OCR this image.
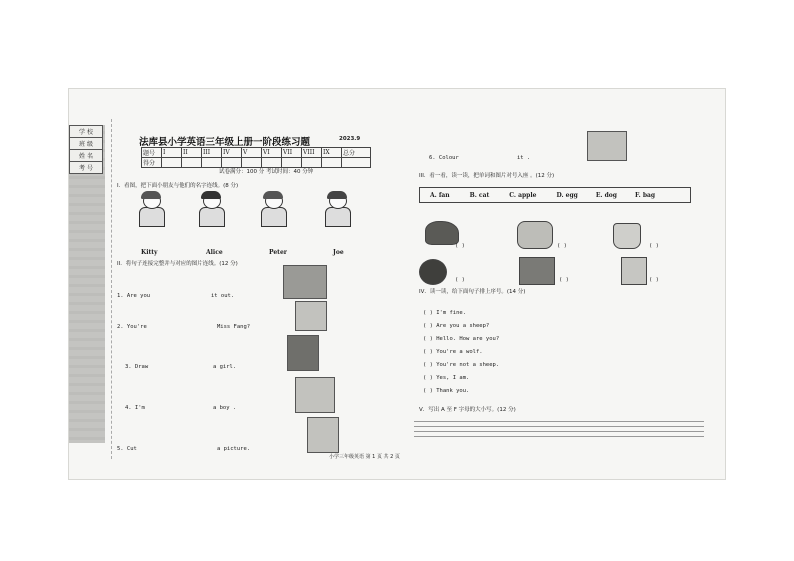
学 校
班 级
姓 名
考 号
法库县小学英语三年级上册一阶段练习题	2023.9
题号	I	II	III	IV	V	VI	VII	VIII	IX	总分
得分										
试卷满分：100 分 考试时间：40 分钟
I．看图，把下面小朋友与他们的名字连线。(8 分)
Kitty	Alice	Peter	Joe
II．将句子连接完整并与对应的图片连线。(12 分)
1. Are you	it out.
2. You're	Miss Fang?
3. Draw	a girl.
4. I'm	a boy .
5. Cut	a picture.
6. Colour	it .
III．看一看，读一读，把单词和图片对号入座 。(12 分)
A. fan	B. cat	C. apple	D. egg	E. dog	F. bag
( )	( )	( )
( )	( )	( )
IV．读一读，给下面句子排上序号。(14 分)
( ) I'm fine.
( ) Are you a sheep?
( ) Hello. How are you?
( ) You're a wolf.
( ) You're not a sheep.
( ) Yes, I am.
( ) Thank you.
V．写出 A 至 F 字母的大小写。(12 分)
小学三年级英语 第 1 页 共 2 页
